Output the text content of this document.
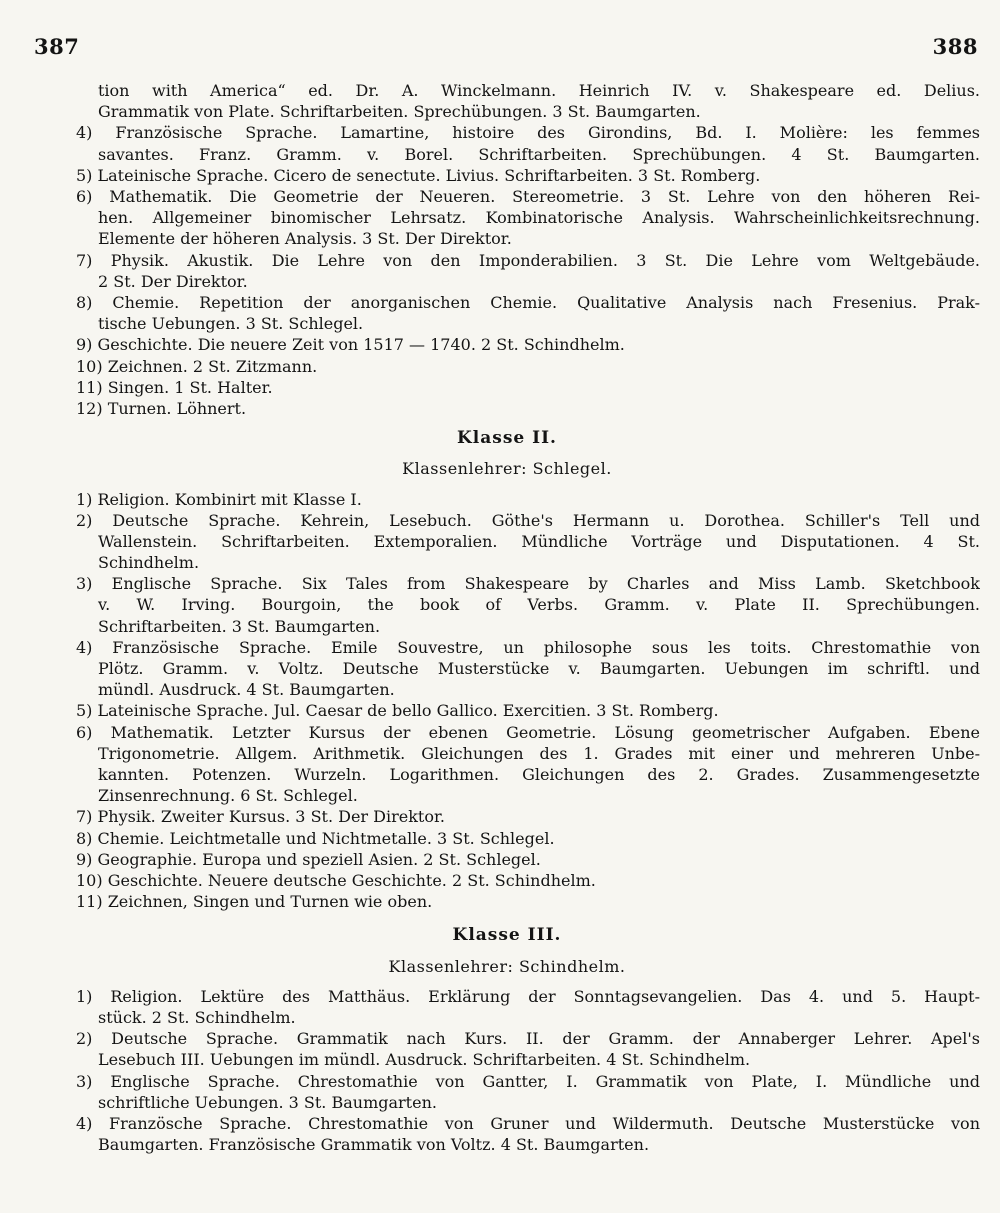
387	388
tion with America“ ed. Dr. A. Winckelmann. Heinrich IV. v. Shakespeare ed. Delius.
Grammatik von Plate. Schriftarbeiten. Sprechübungen. 3 St. Baumgarten.
4) Französische Sprache. Lamartine, histoire des Girondins, Bd. I. Molière: les femmes
savantes. Franz. Gramm. v. Borel. Schriftarbeiten. Sprechübungen. 4 St. Baumgarten.
5) Lateinische Sprache. Cicero de senectute. Livius. Schriftarbeiten. 3 St. Romberg.
6) Mathematik. Die Geometrie der Neueren. Stereometrie. 3 St. Lehre von den höheren Rei-
hen. Allgemeiner binomischer Lehrsatz. Kombinatorische Analysis. Wahrscheinlichkeitsrechnung.
Elemente der höheren Analysis. 3 St. Der Direktor.
7) Physik. Akustik. Die Lehre von den Imponderabilien. 3 St. Die Lehre vom Weltgebäude.
2 St. Der Direktor.
8) Chemie. Repetition der anorganischen Chemie. Qualitative Analysis nach Fresenius. Prak-
tische Uebungen. 3 St. Schlegel.
9) Geschichte. Die neuere Zeit von 1517 — 1740. 2 St. Schindhelm.
10) Zeichnen. 2 St. Zitzmann.
11) Singen. 1 St. Halter.
12) Turnen. Löhnert.
Klasse II.
Klassenlehrer: Schlegel.
1) Religion. Kombinirt mit Klasse I.
2) Deutsche Sprache. Kehrein, Lesebuch. Göthe's Hermann u. Dorothea. Schiller's Tell und
Wallenstein. Schriftarbeiten. Extemporalien. Mündliche Vorträge und Disputationen. 4 St.
Schindhelm.
3) Englische Sprache. Six Tales from Shakespeare by Charles and Miss Lamb. Sketchbook
v. W. Irving. Bourgoin, the book of Verbs. Gramm. v. Plate II. Sprechübungen.
Schriftarbeiten. 3 St. Baumgarten.
4) Französische Sprache. Emile Souvestre, un philosophe sous les toits. Chrestomathie von
Plötz. Gramm. v. Voltz. Deutsche Musterstücke v. Baumgarten. Uebungen im schriftl. und
mündl. Ausdruck. 4 St. Baumgarten.
5) Lateinische Sprache. Jul. Caesar de bello Gallico. Exercitien. 3 St. Romberg.
6) Mathematik. Letzter Kursus der ebenen Geometrie. Lösung geometrischer Aufgaben. Ebene
Trigonometrie. Allgem. Arithmetik. Gleichungen des 1. Grades mit einer und mehreren Unbe-
kannten. Potenzen. Wurzeln. Logarithmen. Gleichungen des 2. Grades. Zusammengesetzte
Zinsenrechnung. 6 St. Schlegel.
7) Physik. Zweiter Kursus. 3 St. Der Direktor.
8) Chemie. Leichtmetalle und Nichtmetalle. 3 St. Schlegel.
9) Geographie. Europa und speziell Asien. 2 St. Schlegel.
10) Geschichte. Neuere deutsche Geschichte. 2 St. Schindhelm.
11) Zeichnen, Singen und Turnen wie oben.
Klasse III.
Klassenlehrer: Schindhelm.
1) Religion. Lektüre des Matthäus. Erklärung der Sonntagsevangelien. Das 4. und 5. Haupt-
stück. 2 St. Schindhelm.
2) Deutsche Sprache. Grammatik nach Kurs. II. der Gramm. der Annaberger Lehrer. Apel's
Lesebuch III. Uebungen im mündl. Ausdruck. Schriftarbeiten. 4 St. Schindhelm.
3) Englische Sprache. Chrestomathie von Gantter, I. Grammatik von Plate, I. Mündliche und
schriftliche Uebungen. 3 St. Baumgarten.
4) Französche Sprache. Chrestomathie von Gruner und Wildermuth. Deutsche Musterstücke von
Baumgarten. Französische Grammatik von Voltz. 4 St. Baumgarten.
